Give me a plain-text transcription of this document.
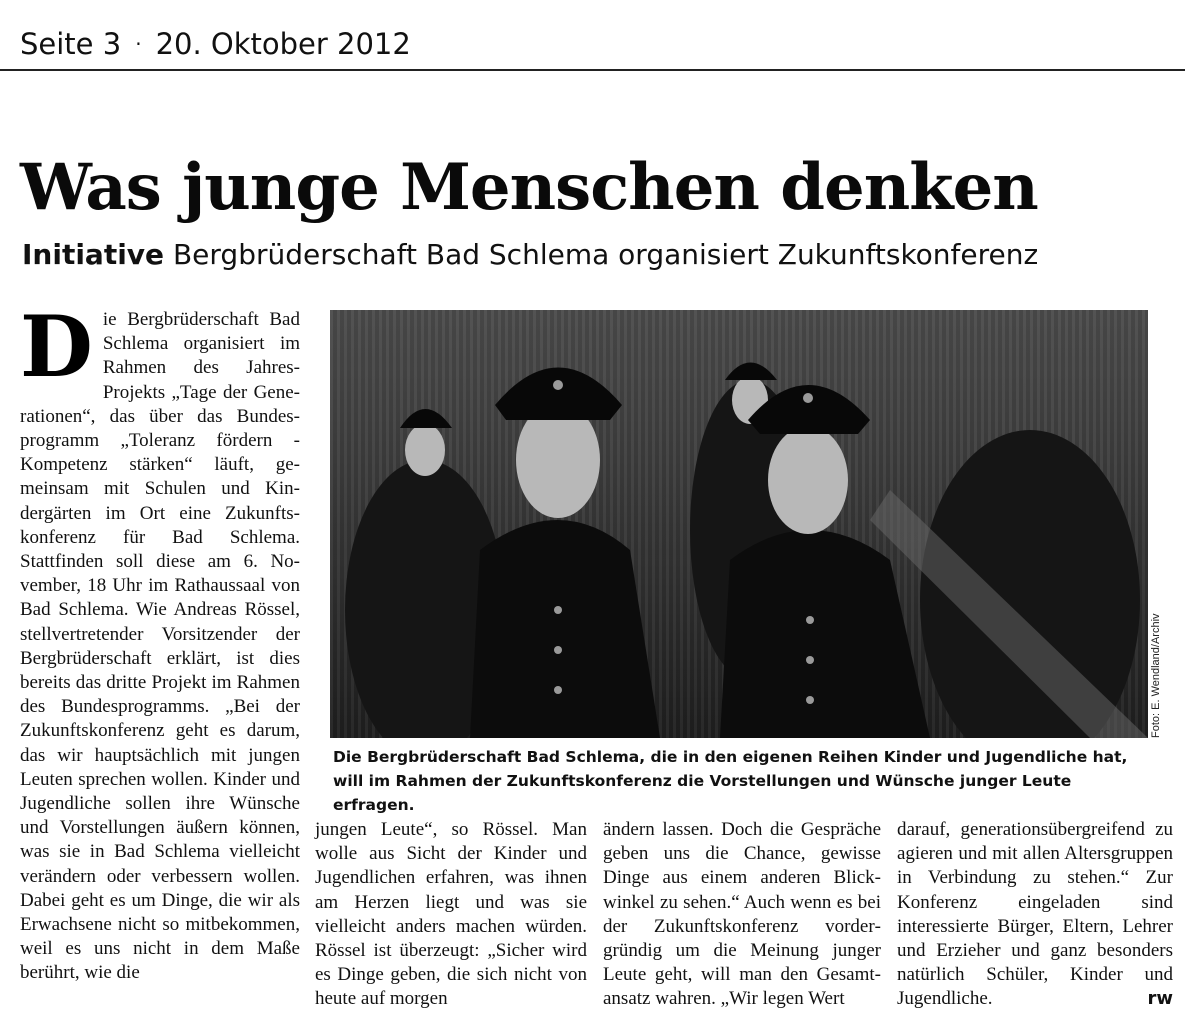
Seite 3 · 20. Oktober 2012
Was junge Menschen denken
Initiative Bergbrüderschaft Bad Schlema organisiert Zukunftskonferenz
Die Bergbrüderschaft Bad Schlema organisiert im Rahmen des Jahres-Projekts „Tage der Generationen“, das über das Bundesprogramm „Toleranz fördern - Kompetenz stärken“ läuft, gemeinsam mit Schulen und Kindergärten im Ort eine Zukunftskonferenz für Bad Schlema. Stattfinden soll diese am 6. November, 18 Uhr im Rathaussaal von Bad Schlema. Wie Andreas Rössel, stellvertretender Vorsitzender der Bergbrüderschaft erklärt, ist dies bereits das dritte Projekt im Rahmen des Bundesprogramms. „Bei der Zukunftskonferenz geht es darum, das wir hauptsächlich mit jungen Leuten sprechen wollen. Kinder und Jugendliche sollen ihre Wünsche und Vorstellungen äußern können, was sie in Bad Schlema vielleicht verändern oder verbessern wollen. Dabei geht es um Dinge, die wir als Erwachsene nicht so mitbekommen, weil es uns nicht in dem Maße berührt, wie die
Foto: E. Wendland/Archiv
Die Bergbrüderschaft Bad Schlema, die in den eigenen Reihen Kinder und Jugendliche hat, will im Rahmen der Zukunftskonferenz die Vorstellungen und Wünsche junger Leute erfragen.
jungen Leute“, so Rössel. Man wolle aus Sicht der Kinder und Jugendlichen erfahren, was ihnen am Herzen liegt und was sie vielleicht anders machen würden. Rössel ist überzeugt: „Sicher wird es Dinge geben, die sich nicht von heute auf morgen
ändern lassen. Doch die Gespräche geben uns die Chance, gewisse Dinge aus einem anderen Blickwinkel zu sehen.“ Auch wenn es bei der Zukunftskonferenz vordergründig um die Meinung junger Leute geht, will man den Gesamtansatz wahren. „Wir legen Wert
darauf, generationsübergreifend zu agieren und mit allen Altersgruppen in Verbindung zu stehen.“ Zur Konferenz eingeladen sind interessierte Bürger, Eltern, Lehrer und Erzieher und ganz besonders natürlich Schüler, Kinder und Jugendliche.	rw
